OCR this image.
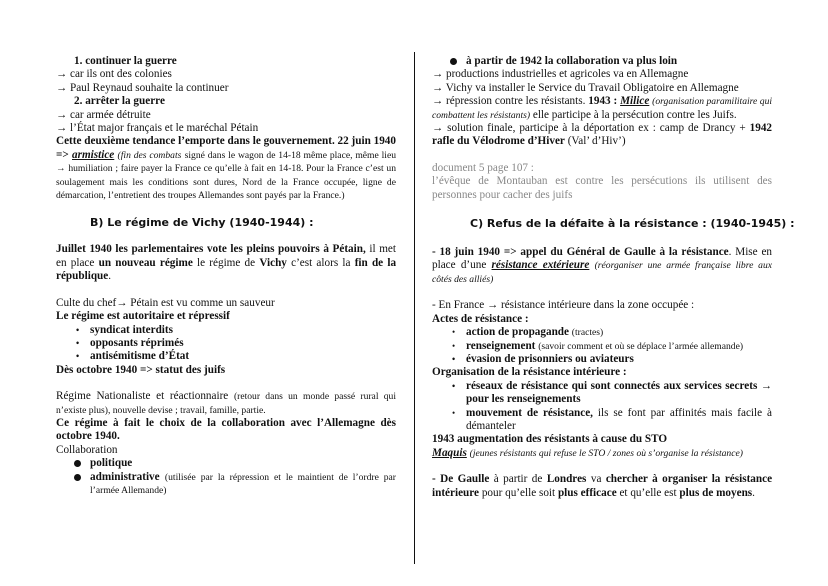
1. continuer la guerre
→ car ils ont des colonies
→ Paul Reynaud souhaite la continuer
2. arrêter la guerre
→ car armée détruite
→ l’État major français et le maréchal Pétain
Cette deuxième tendance l’emporte dans le gouvernement. 22 juin 1940 => armistice (fin des combats signé dans le wagon de 14-18 même place, même lieu → humiliation ; faire payer la France ce qu’elle à fait en 14-18. Pour la France c’est un soulagement mais les conditions sont dures, Nord de la France occupée, ligne de démarcation, l’entretient des troupes Allemandes sont payés par la France.)
B) Le régime de Vichy (1940-1944) :
Juillet 1940 les parlementaires vote les pleins pouvoirs à Pétain, il met en place un nouveau régime le régime de Vichy c’est alors la fin de la république.
Culte du chef→ Pétain est vu comme un sauveur
Le régime est autoritaire et répressif
• syndicat interdits
• opposants réprimés
• antisémitisme d’État
Dès octobre 1940 => statut des juifs
Régime Nationaliste et réactionnaire (retour dans un monde passé rural qui n’existe plus), nouvelle devise ; travail, famille, partie.
Ce régime à fait le choix de la collaboration avec l’Allemagne dès octobre 1940.
Collaboration
politique
administrative (utilisée par la répression et le maintient de l’ordre par l’armée Allemande)
à partir de 1942 la collaboration va plus loin
→ productions industrielles et agricoles va en Allemagne
→ Vichy va installer le Service du Travail Obligatoire en Allemagne
→ répression contre les résistants. 1943 : Milice (organisation paramilitaire qui combattent les résistants) elle participe à la persécution contre les Juifs.
→ solution finale, participe à la déportation ex : camp de Drancy + 1942 rafle du Vélodrome d’Hiver (Val’ d’Hiv’)
document 5 page 107 :
l’évêque de Montauban est contre les persécutions ils utilisent des personnes pour cacher des juifs
C) Refus de la défaite à la résistance : (1940-1945) :
- 18 juin 1940 => appel du Général de Gaulle à la résistance. Mise en place d’une résistance extérieure (réorganiser une armée française libre aux côtés des alliés)
- En France → résistance intérieure dans la zone occupée :
Actes de résistance :
• action de propagande (tractes)
• renseignement (savoir comment et où se déplace l’armée allemande)
• évasion de prisonniers ou aviateurs
Organisation de la résistance intérieure :
• réseaux de résistance qui sont connectés aux services secrets → pour les renseignements
• mouvement de résistance, ils se font par affinités mais facile à démanteler
1943 augmentation des résistants à cause du STO
Maquis (jeunes résistants qui refuse le STO / zones où s’organise la résistance)
- De Gaulle à partir de Londres va chercher à organiser la résistance intérieure pour qu’elle soit plus efficace et qu’elle est plus de moyens.
